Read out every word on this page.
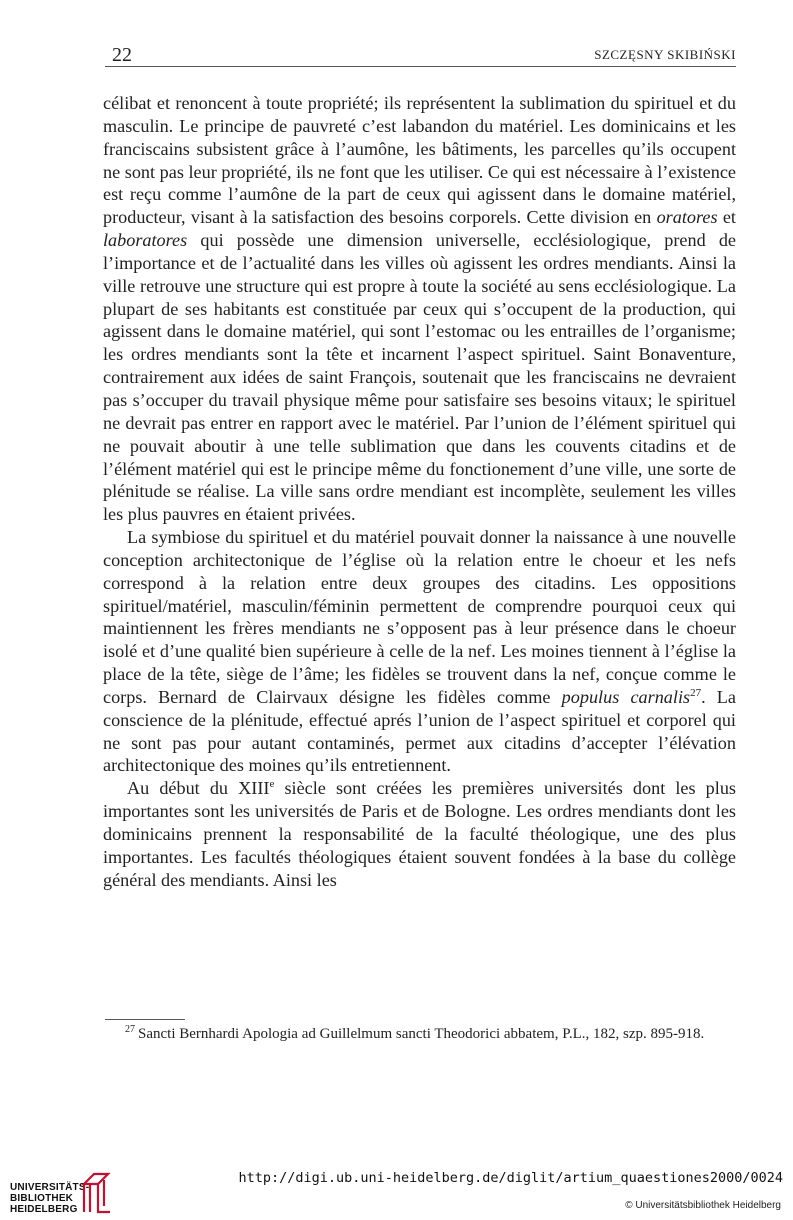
22	SZCZĘSNY SKIBIŃSKI

célibat et renoncent à toute propriété; ils représentent la sublimation du spirituel et du masculin. Le principe de pauvreté c’est labandon du matériel. Les dominicains et les franciscains subsistent grâce à l’aumône, les bâtiments, les parcelles qu’ils occupent ne sont pas leur propriété, ils ne font que les utiliser. Ce qui est nécessaire à l’existence est reçu comme l’aumône de la part de ceux qui agissent dans le domaine matériel, producteur, visant à la satisfaction des besoins corporels. Cette division en oratores et laboratores qui possède une dimension universelle, ecclésiologique, prend de l’importance et de l’actualité dans les villes où agissent les ordres mendiants. Ainsi la ville retrouve une structure qui est propre à toute la société au sens ecclésiologique. La plupart de ses habitants est constituée par ceux qui s’occupent de la production, qui agissent dans le domaine matériel, qui sont l’estomac ou les entrailles de l’organisme; les ordres mendiants sont la tête et incarnent l’aspect spirituel. Saint Bonaventure, contrairement aux idées de saint François, soutenait que les franciscains ne devraient pas s’occuper du travail physique même pour satisfaire ses besoins vitaux; le spirituel ne devrait pas entrer en rapport avec le matériel. Par l’union de l’élément spirituel qui ne pouvait aboutir à une telle sublimation que dans les couvents citadins et de l’élément matériel qui est le principe même du fonctionement d’une ville, une sorte de plénitude se réalise. La ville sans ordre mendiant est incomplète, seulement les villes les plus pauvres en étaient privées.

La symbiose du spirituel et du matériel pouvait donner la naissance à une nouvelle conception architectonique de l’église où la relation entre le choeur et les nefs correspond à la relation entre deux groupes des citadins. Les oppositions spirituel/matériel, masculin/féminin permettent de comprendre pourquoi ceux qui maintiennent les frères mendiants ne s’opposent pas à leur présence dans le choeur isolé et d’une qualité bien supérieure à celle de la nef. Les moines tiennent à l’église la place de la tête, siège de l’âme; les fidèles se trouvent dans la nef, conçue comme le corps. Bernard de Clairvaux désigne les fidèles comme populus carnalis$^{27}$. La conscience de la plénitude, effectué aprés l’union de l’aspect spirituel et corporel qui ne sont pas pour autant contaminés, permet aux citadins d’accepter l’élévation architectonique des moines qu’ils entretiennent.

Au début du XIIIe siècle sont créées les premières universités dont les plus importantes sont les universités de Paris et de Bologne. Les ordres mendiants dont les dominicains prennent la responsabilité de la faculté théologique, une des plus importantes. Les facultés théologiques étaient souvent fondées à la base du collège général des mendiants. Ainsi les

$^{27}$ Sancti Bernhardi Apologia ad Guillelmum sancti Theodorici abbatem, P.L., 182, szp. 895-918.
UNIVERSITÄTS-
BIBLIOTHEK
HEIDELBERG
http://digi.ub.uni-heidelberg.de/diglit/artium_quaestiones2000/0024
© Universitätsbibliothek Heidelberg
